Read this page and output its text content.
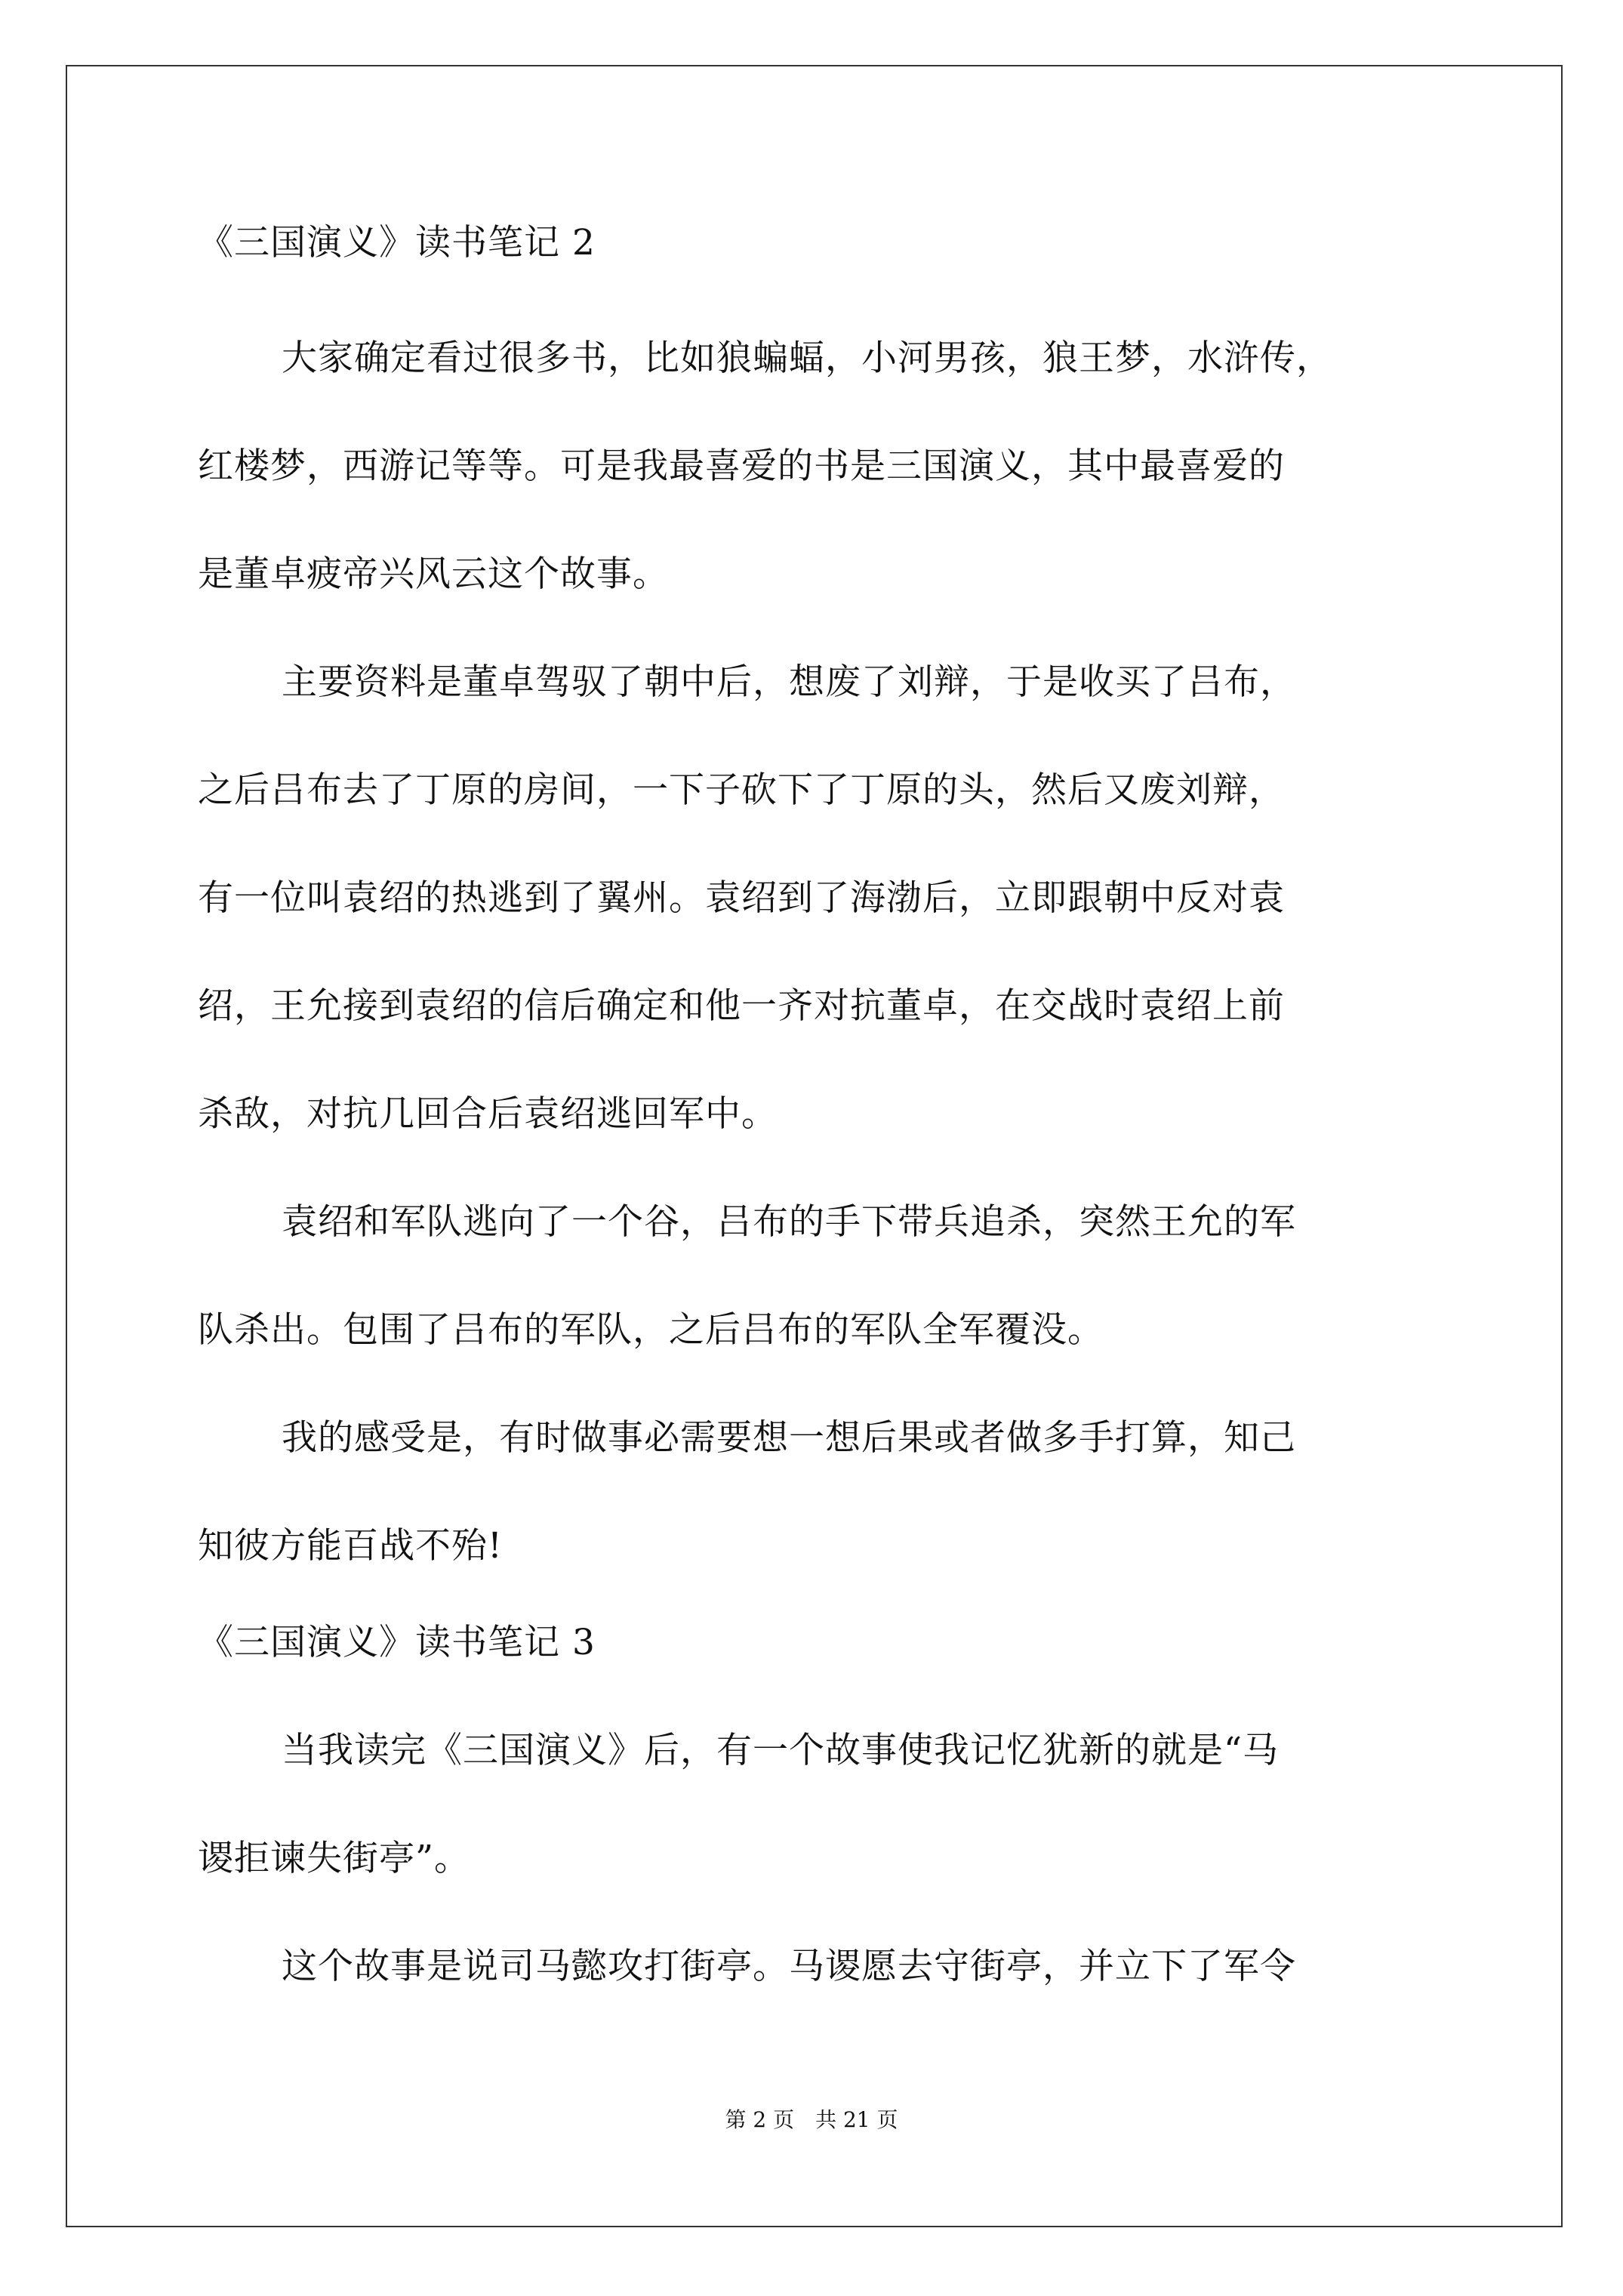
《三国演义》读书笔记 2
大家确定看过很多书，比如狼蝙蝠，小河男孩，狼王梦，水浒传，
红楼梦，西游记等等。可是我最喜爱的书是三国演义，其中最喜爱的
是董卓疲帝兴风云这个故事。
主要资料是董卓驾驭了朝中后，想废了刘辩，于是收买了吕布，
之后吕布去了丁原的房间，一下子砍下了丁原的头，然后又废刘辩，
有一位叫袁绍的热逃到了翼州。袁绍到了海渤后，立即跟朝中反对袁
绍，王允接到袁绍的信后确定和他一齐对抗董卓，在交战时袁绍上前
杀敌，对抗几回合后袁绍逃回军中。
袁绍和军队逃向了一个谷，吕布的手下带兵追杀，突然王允的军
队杀出。包围了吕布的军队，之后吕布的军队全军覆没。
我的感受是，有时做事必需要想一想后果或者做多手打算，知己
知彼方能百战不殆!
《三国演义》读书笔记 3
当我读完《三国演义》后，有一个故事使我记忆犹新的就是“马
谡拒谏失街亭”。
这个故事是说司马懿攻打街亭。马谡愿去守街亭，并立下了军令
第 2 页　共 21 页
